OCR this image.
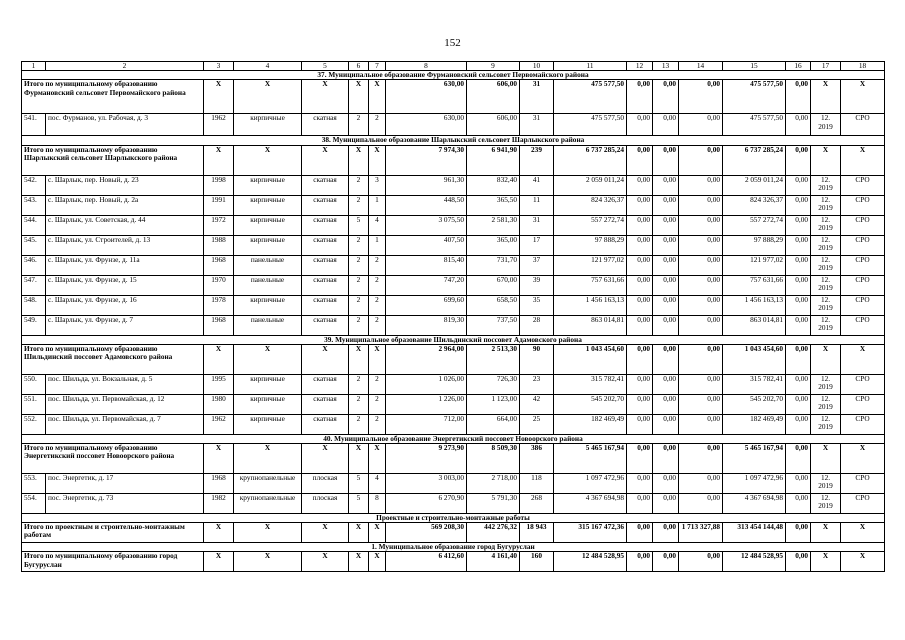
152
1	2	3	4	5	6	7	8	9	10	11	12	13	14	15	16	17	18
37. Муниципальное образование Фурмановский сельсовет Первомайского района																	
Итого по муниципальному образованию Фурмановский сельсовет Первомайского района		X	X	X	X	X	630,00	606,00	31	475 577,50	0,00	0,00	0,00	475 577,50	0,00	X	X
541.	пос. Фурманов, ул. Рабочая, д. 3	1962	кирпичные	скатная	2	2	630,00	606,00	31	475 577,50	0,00	0,00	0,00	475 577,50	0,00	12. 2019	СРО
38. Муниципальное образование Шарлыкский сельсовет Шарлыкского района																	
Итого по муниципальному образованию Шарлыкский сельсовет Шарлыкского района		X	X	X	X	X	7 974,30	6 941,90	239	6 737 285,24	0,00	0,00	0,00	6 737 285,24	0,00	X	X
542.	с. Шарлык, пер. Новый, д. 23	1998	кирпичные	скатная	2	3	961,30	832,40	41	2 059 011,24	0,00	0,00	0,00	2 059 011,24	0,00	12. 2019	СРО
543.	с. Шарлык, пер. Новый, д. 2а	1991	кирпичные	скатная	2	1	448,50	365,50	11	824 326,37	0,00	0,00	0,00	824 326,37	0,00	12. 2019	СРО
544.	с. Шарлык, ул. Советская, д. 44	1972	кирпичные	скатная	5	4	3 075,50	2 581,30	31	557 272,74	0,00	0,00	0,00	557 272,74	0,00	12. 2019	СРО
545.	с. Шарлык, ул. Строителей, д. 13	1988	кирпичные	скатная	2	1	407,50	365,00	17	97 888,29	0,00	0,00	0,00	97 888,29	0,00	12. 2019	СРО
546.	с. Шарлык, ул. Фрунзе, д. 11а	1968	панельные	скатная	2	2	815,40	731,70	37	121 977,02	0,00	0,00	0,00	121 977,02	0,00	12. 2019	СРО
547.	с. Шарлык, ул. Фрунзе, д. 15	1970	панельные	скатная	2	2	747,20	670,00	39	757 631,66	0,00	0,00	0,00	757 631,66	0,00	12. 2019	СРО
548.	с. Шарлык, ул. Фрунзе, д. 16	1978	кирпичные	скатная	2	2	699,60	658,50	35	1 456 163,13	0,00	0,00	0,00	1 456 163,13	0,00	12. 2019	СРО
549.	с. Шарлык, ул. Фрунзе, д. 7	1968	панельные	скатная	2	2	819,30	737,50	28	863 014,81	0,00	0,00	0,00	863 014,81	0,00	12. 2019	СРО
39. Муниципальное образование Шильдинский поссовет Адамовского района																	
Итого по муниципальному образованию Шильдинский поссовет Адамовского района		X	X	X	X	X	2 964,00	2 513,30	90	1 043 454,60	0,00	0,00	0,00	1 043 454,60	0,00	X	X
550.	пос. Шильда, ул. Вокзальная, д. 5	1995	кирпичные	скатная	2	2	1 026,00	726,30	23	315 782,41	0,00	0,00	0,00	315 782,41	0,00	12. 2019	СРО
551.	пос. Шильда, ул. Первомайская, д. 12	1980	кирпичные	скатная	2	2	1 226,00	1 123,00	42	545 202,70	0,00	0,00	0,00	545 202,70	0,00	12. 2019	СРО
552.	пос. Шильда, ул. Первомайская, д. 7	1962	кирпичные	скатная	2	2	712,00	664,00	25	182 469,49	0,00	0,00	0,00	182 469,49	0,00	12. 2019	СРО
40. Муниципальное образование Энергетикский поссовет Новоорского района																	
Итого по муниципальному образованию Энергетикский поссовет Новоорского района		X	X	X	X	X	9 273,90	8 509,30	386	5 465 167,94	0,00	0,00	0,00	5 465 167,94	0,00	X	X
553.	пос. Энергетик, д. 17	1968	крупнопанельные	плоская	5	4	3 003,00	2 718,00	118	1 097 472,96	0,00	0,00	0,00	1 097 472,96	0,00	12. 2019	СРО
554.	пос. Энергетик, д. 73	1982	крупнопанельные	плоская	5	8	6 270,90	5 791,30	268	4 367 694,98	0,00	0,00	0,00	4 367 694,98	0,00	12. 2019	СРО
Проектные и строительно-монтажные работы																	
Итого по проектным и строительно-монтажным работам		X	X	X	X	X	569 208,30	442 276,32	18 943	315 167 472,36	0,00	0,00	1 713 327,88	313 454 144,48	0,00	X	X
1. Муниципальное образование город Бугуруслан																	
Итого по муниципальному образованию город Бугуруслан		X	X	X	X	X	6 412,60	4 161,40	160	12 484 528,95	0,00	0,00	0,00	12 484 528,95	0,00	X	X
